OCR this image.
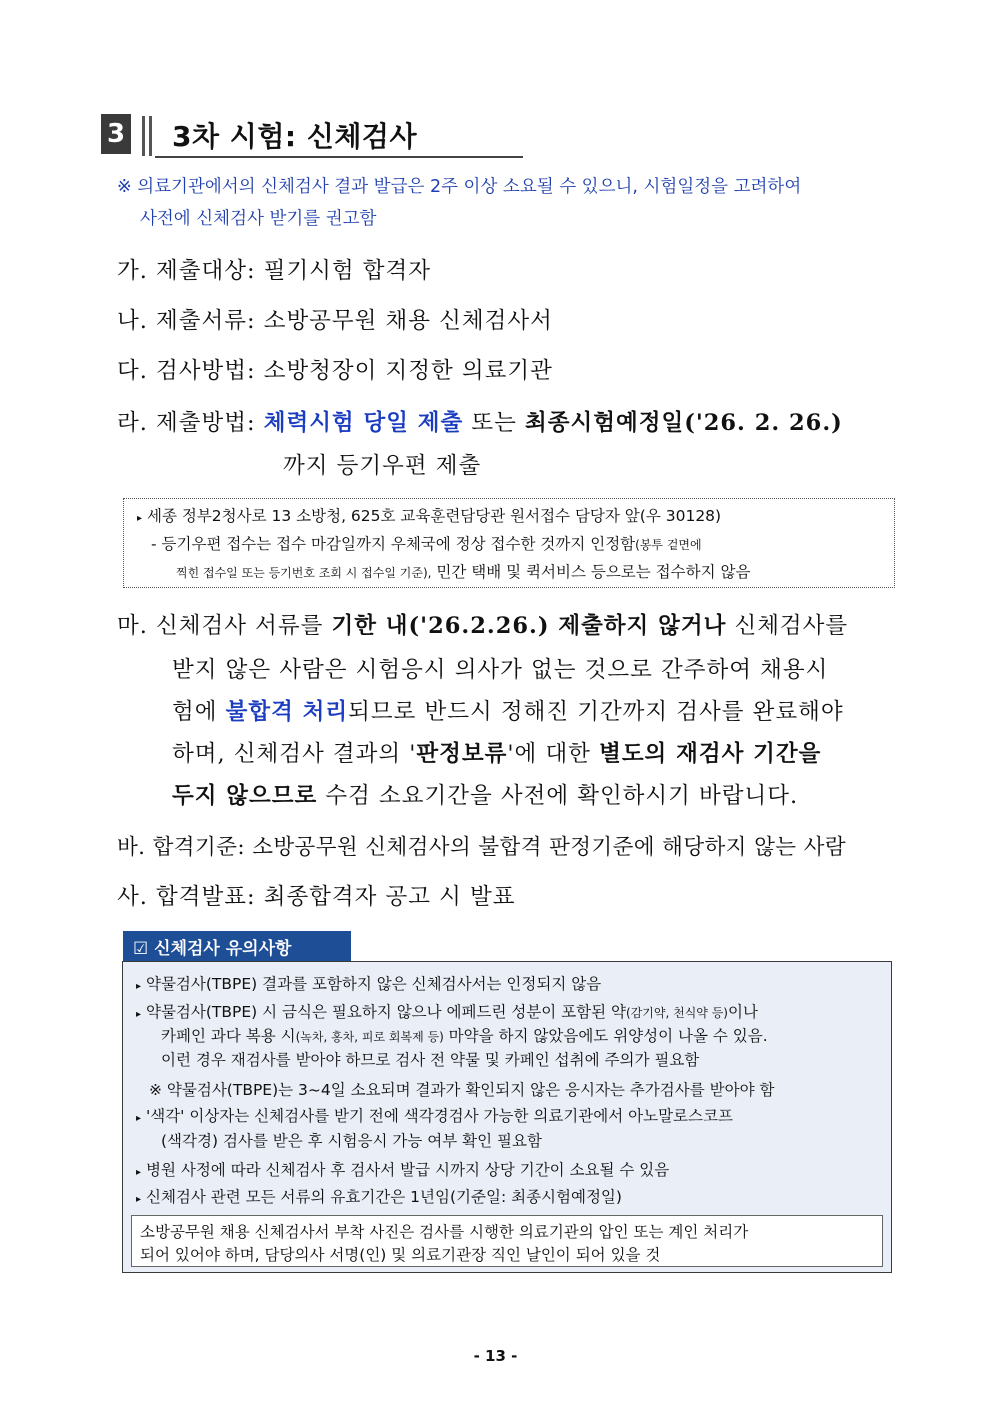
3 3차 시험: 신체검사
※ 의료기관에서의 신체검사 결과 발급은 2주 이상 소요될 수 있으니, 시험일정을 고려하여
사전에 신체검사 받기를 권고함
가. 제출대상: 필기시험 합격자
나. 제출서류: 소방공무원 채용 신체검사서
다. 검사방법: 소방청장이 지정한 의료기관
라. 제출방법: 체력시험 당일 제출 또는 최종시험예정일('26. 2. 26.)
까지 등기우편 제출
▸ 세종 정부2청사로 13 소방청, 625호 교육훈련담당관 원서접수 담당자 앞(우 30128)
- 등기우편 접수는 접수 마감일까지 우체국에 정상 접수한 것까지 인정함(봉투 겉면에
찍힌 접수일 또는 등기번호 조회 시 접수일 기준), 민간 택배 및 퀵서비스 등으로는 접수하지 않음
마. 신체검사 서류를 기한 내('26.2.26.) 제출하지 않거나 신체검사를
받지 않은 사람은 시험응시 의사가 없는 것으로 간주하여 채용시
험에 불합격 처리되므로 반드시 정해진 기간까지 검사를 완료해야
하며, 신체검사 결과의 '판정보류'에 대한 별도의 재검사 기간을
두지 않으므로 수검 소요기간을 사전에 확인하시기 바랍니다.
바. 합격기준: 소방공무원 신체검사의 불합격 판정기준에 해당하지 않는 사람
사. 합격발표: 최종합격자 공고 시 발표
☑ 신체검사 유의사항
▸ 약물검사(TBPE) 결과를 포함하지 않은 신체검사서는 인정되지 않음
▸ 약물검사(TBPE) 시 금식은 필요하지 않으나 에페드린 성분이 포함된 약(감기약, 천식약 등)이나
카페인 과다 복용 시(녹차, 홍차, 피로 회복제 등) 마약을 하지 않았음에도 위양성이 나올 수 있음.
이런 경우 재검사를 받아야 하므로 검사 전 약물 및 카페인 섭취에 주의가 필요함
※ 약물검사(TBPE)는 3~4일 소요되며 결과가 확인되지 않은 응시자는 추가검사를 받아야 함
▸ '색각' 이상자는 신체검사를 받기 전에 색각경검사 가능한 의료기관에서 아노말로스코프
(색각경) 검사를 받은 후 시험응시 가능 여부 확인 필요함
▸ 병원 사정에 따라 신체검사 후 검사서 발급 시까지 상당 기간이 소요될 수 있음
▸ 신체검사 관련 모든 서류의 유효기간은 1년임(기준일: 최종시험예정일)
소방공무원 채용 신체검사서 부착 사진은 검사를 시행한 의료기관의 압인 또는 계인 처리가
되어 있어야 하며, 담당의사 서명(인) 및 의료기관장 직인 날인이 되어 있을 것
- 13 -
